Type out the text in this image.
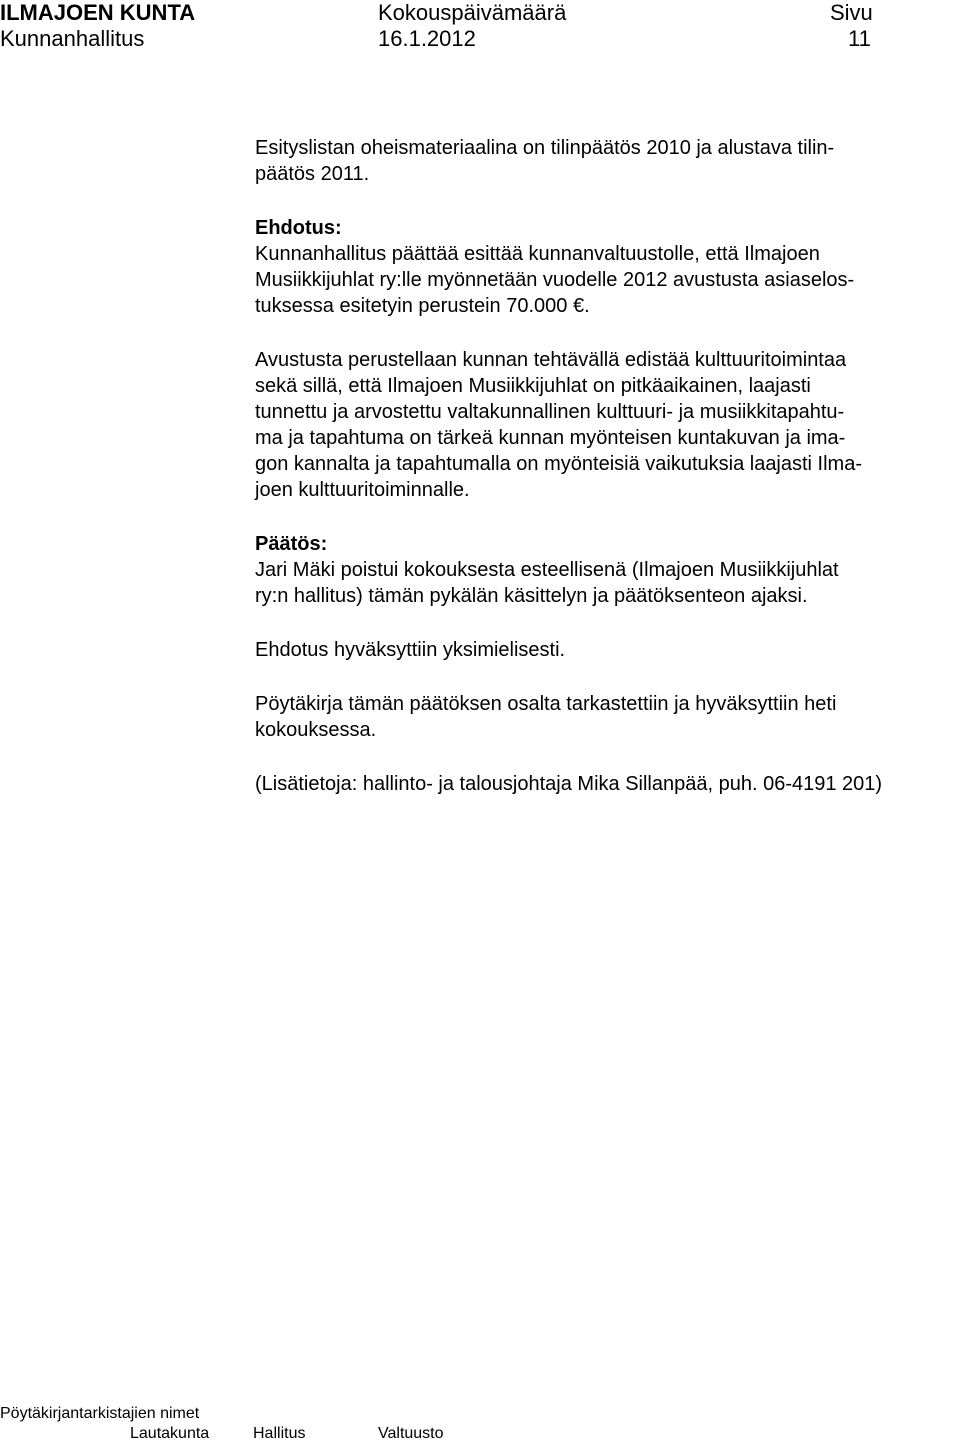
ILMAJOEN KUNTA

Kunnanhallitus

Kokouspäivämäärä

16.1.2012

Sivu

11

Esityslistan oheismateriaalina on tilinpäätös 2010 ja alustava tilin-
päätös 2011.

Ehdotus:
Kunnanhallitus päättää esittää kunnanvaltuustolle, että Ilmajoen
Musiikkijuhlat ry:lle myönnetään vuodelle 2012 avustusta asiaselos-
tuksessa esitetyin perustein 70.000 €.

Avustusta perustellaan kunnan tehtävällä edistää kulttuuritoimintaa
sekä sillä, että Ilmajoen Musiikkijuhlat on pitkäaikainen, laajasti
tunnettu ja arvostettu valtakunnallinen kulttuuri- ja musiikkitapahtu-
ma ja tapahtuma on tärkeä kunnan myönteisen kuntakuvan ja ima-
gon kannalta ja tapahtumalla on myönteisiä vaikutuksia laajasti Ilma-
joen kulttuuritoiminnalle.

Päätös:
Jari Mäki poistui kokouksesta esteellisenä (Ilmajoen Musiikkijuhlat
ry:n hallitus) tämän pykälän käsittelyn ja päätöksenteon ajaksi.

Ehdotus hyväksyttiin yksimielisesti.

Pöytäkirja tämän päätöksen osalta tarkastettiin ja hyväksyttiin heti
kokouksessa.

(Lisätietoja: hallinto- ja talousjohtaja Mika Sillanpää, puh. 06-4191 201)

Pöytäkirjantarkistajien nimet

Lautakunta	Hallitus	Valtuusto
